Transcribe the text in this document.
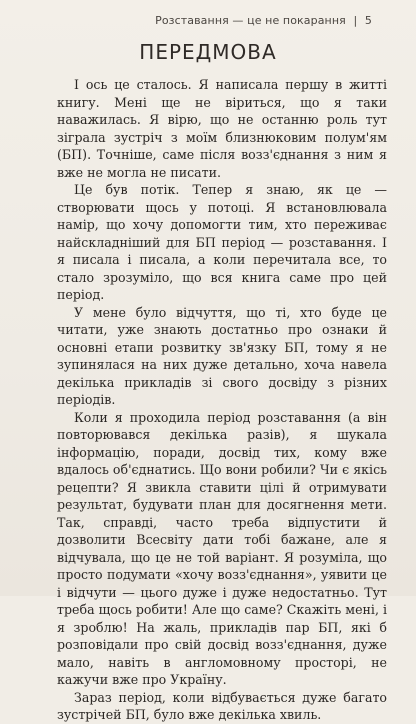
Розставання — це не покарання | 5
ПЕРЕДМОВА

І ось це сталось. Я написала першу в житті книгу. Мені ще не віриться, що я таки наважилась. Я вірю, що не останню роль тут зіграла зустріч з моїм близнюковим полум'ям (БП). Точніше, саме після возз'єднання з ним я вже не могла не писати.

Це був потік. Тепер я знаю, як це — створювати щось у потоці. Я встановлювала намір, що хочу допомогти тим, хто переживає найскладніший для БП період — розставання. І я писала і писала, а коли перечитала все, то стало зрозуміло, що вся книга саме про цей період.

У мене було відчуття, що ті, хто буде це читати, уже знають достатньо про ознаки й основні етапи розвитку зв'язку БП, тому я не зупинялася на них дуже детально, хоча навела декілька прикладів зі свого досвіду з різних періодів.

Коли я проходила період розставання (а він повторювався декілька разів), я шукала інформацію, поради, досвід тих, кому вже вдалось об'єднатись. Що вони робили? Чи є якісь рецепти? Я звикла ставити цілі й отримувати результат, будувати план для досягнення мети. Так, справді, часто треба відпустити й дозволити Всесвіту дати тобі бажане, але я відчувала, що це не той варіант. Я розуміла, що просто подумати «хочу возз'єднання», уявити це і відчути — цього дуже і дуже недостатньо. Тут треба щось робити! Але що саме? Скажіть мені, і я зроблю! На жаль, прикладів пар БП, які б розповідали про свій досвід возз'єднання, дуже мало, навіть в англомовному просторі, не кажучи вже про Україну.

Зараз період, коли відбувається дуже багато зустрічей БП, було вже декілька хвиль.
